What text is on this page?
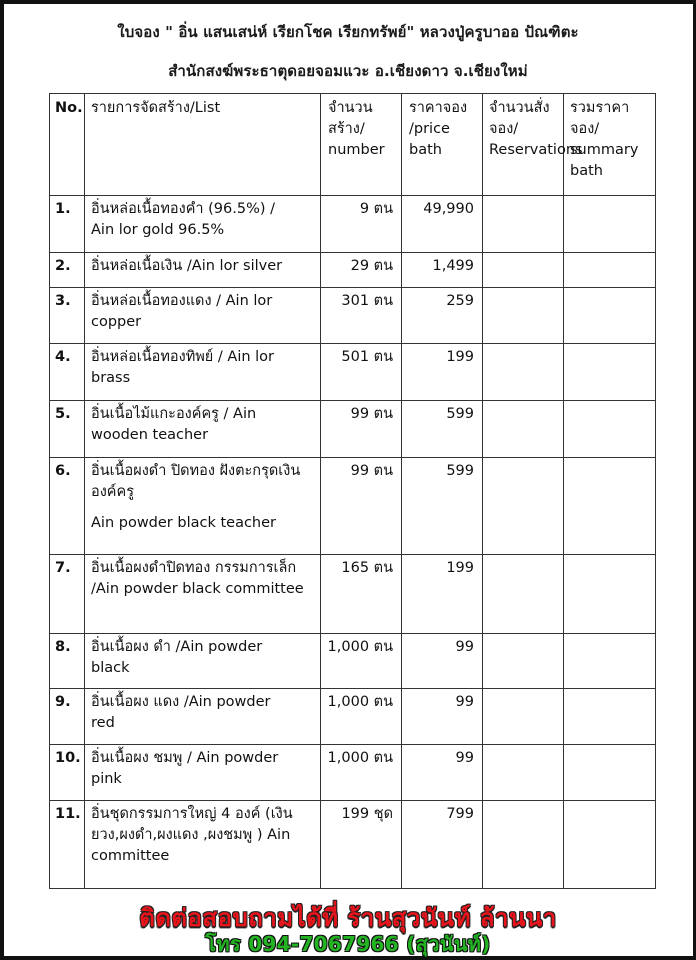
ใบจอง " อิ่น แสนเสน่ห์ เรียกโชค เรียกทรัพย์" หลวงปู่ครูบาออ ปัณฑิตะ
สำนักสงฆ์พระธาตุดอยจอมแวะ อ.เชียงดาว จ.เชียงใหม่
No.	รายการจัดสร้าง/List	จำนวนสร้าง/ number	ราคาจอง /price bath	จำนวนสั่งจอง/ Reservations	รวมราคาจอง/ summary bath
1.	อิ่นหล่อเนื้อทองคำ (96.5%) /
Ain lor gold 96.5%	9 ตน	49,990		
2.	อิ่นหล่อเนื้อเงิน /Ain lor silver	29 ตน	1,499		
3.	อิ่นหล่อเนื้อทองแดง / Ain lor
copper	301 ตน	259		
4.	อิ่นหล่อเนื้อทองทิพย์ / Ain lor
brass	501 ตน	199		
5.	อิ่นเนื้อไม้แกะองค์ครู / Ain
wooden teacher	99 ตน	599		
6.	อิ่นเนื้อผงดำ ปิดทอง ฝังตะกรุดเงิน องค์ครู
Ain powder black teacher	99 ตน	599		
7.	อิ่นเนื้อผงดำปิดทอง กรรมการเล็ก
/Ain powder black committee	165 ตน	199		
8.	อิ่นเนื้อผง ดำ /Ain powder
black	1,000 ตน	99		
9.	อิ่นเนื้อผง แดง /Ain powder
red	1,000 ตน	99		
10.	อิ่นเนื้อผง ชมพู / Ain powder
pink	1,000 ตน	99		
11.	อิ่นชุดกรรมการใหญ่ 4 องค์ (เงินยวง,ผงดำ,ผงแดง ,ผงชมพู ) Ain
committee	199 ชุด	799		
ติดต่อสอบถามได้ที่ ร้านสุวนันท์ ล้านนา
โทร 094-7067966 (สุวนันท์)
